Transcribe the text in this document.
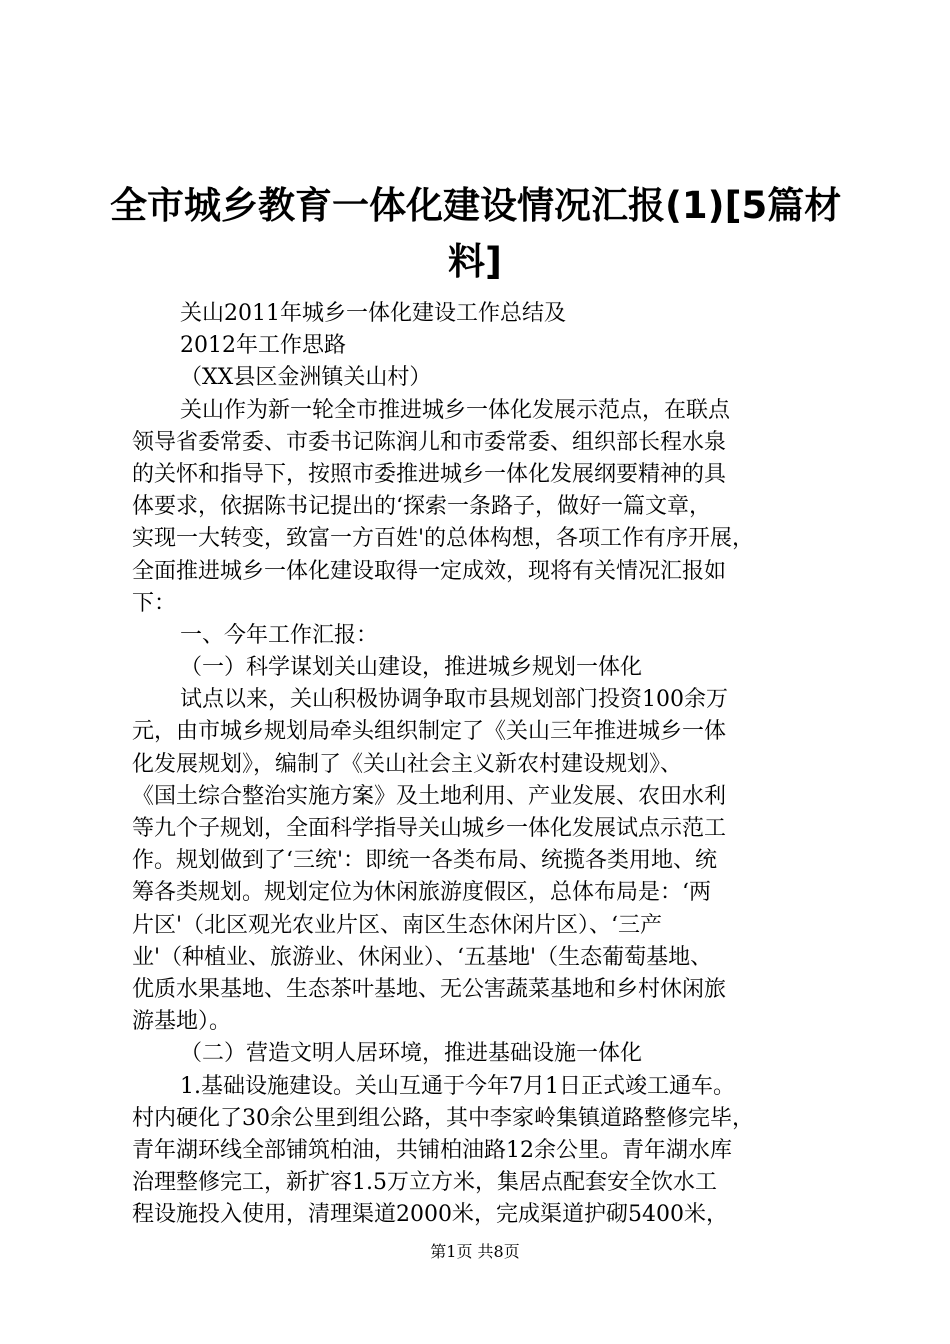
全市城乡教育一体化建设情况汇报(1)[5篇材
料]
关山2011年城乡一体化建设工作总结及
2012年工作思路
（XX县区金洲镇关山村）
关山作为新一轮全市推进城乡一体化发展示范点，在联点
领导省委常委、市委书记陈润儿和市委常委、组织部长程水泉
的关怀和指导下，按照市委推进城乡一体化发展纲要精神的具
体要求，依据陈书记提出的‘探索一条路子，做好一篇文章，
实现一大转变，致富一方百姓'的总体构想，各项工作有序开展，
全面推进城乡一体化建设取得一定成效，现将有关情况汇报如
下：
一、今年工作汇报：
（一）科学谋划关山建设，推进城乡规划一体化
试点以来，关山积极协调争取市县规划部门投资100余万
元，由市城乡规划局牵头组织制定了《关山三年推进城乡一体
化发展规划》，编制了《关山社会主义新农村建设规划》、
《国土综合整治实施方案》及土地利用、产业发展、农田水利
等九个子规划，全面科学指导关山城乡一体化发展试点示范工
作。规划做到了‘三统'：即统一各类布局、统揽各类用地、统
筹各类规划。规划定位为休闲旅游度假区，总体布局是：‘两
片区'（北区观光农业片区、南区生态休闲片区）、‘三产
业'（种植业、旅游业、休闲业）、‘五基地'（生态葡萄基地、
优质水果基地、生态茶叶基地、无公害蔬菜基地和乡村休闲旅
游基地）。
（二）营造文明人居环境，推进基础设施一体化
1.基础设施建设。关山互通于今年7月1日正式竣工通车。
村内硬化了30余公里到组公路，其中李家岭集镇道路整修完毕，
青年湖环线全部铺筑柏油，共铺柏油路12余公里。青年湖水库
治理整修完工，新扩容1.5万立方米，集居点配套安全饮水工
程设施投入使用，清理渠道2000米，完成渠道护砌5400米，
第1页 共8页
